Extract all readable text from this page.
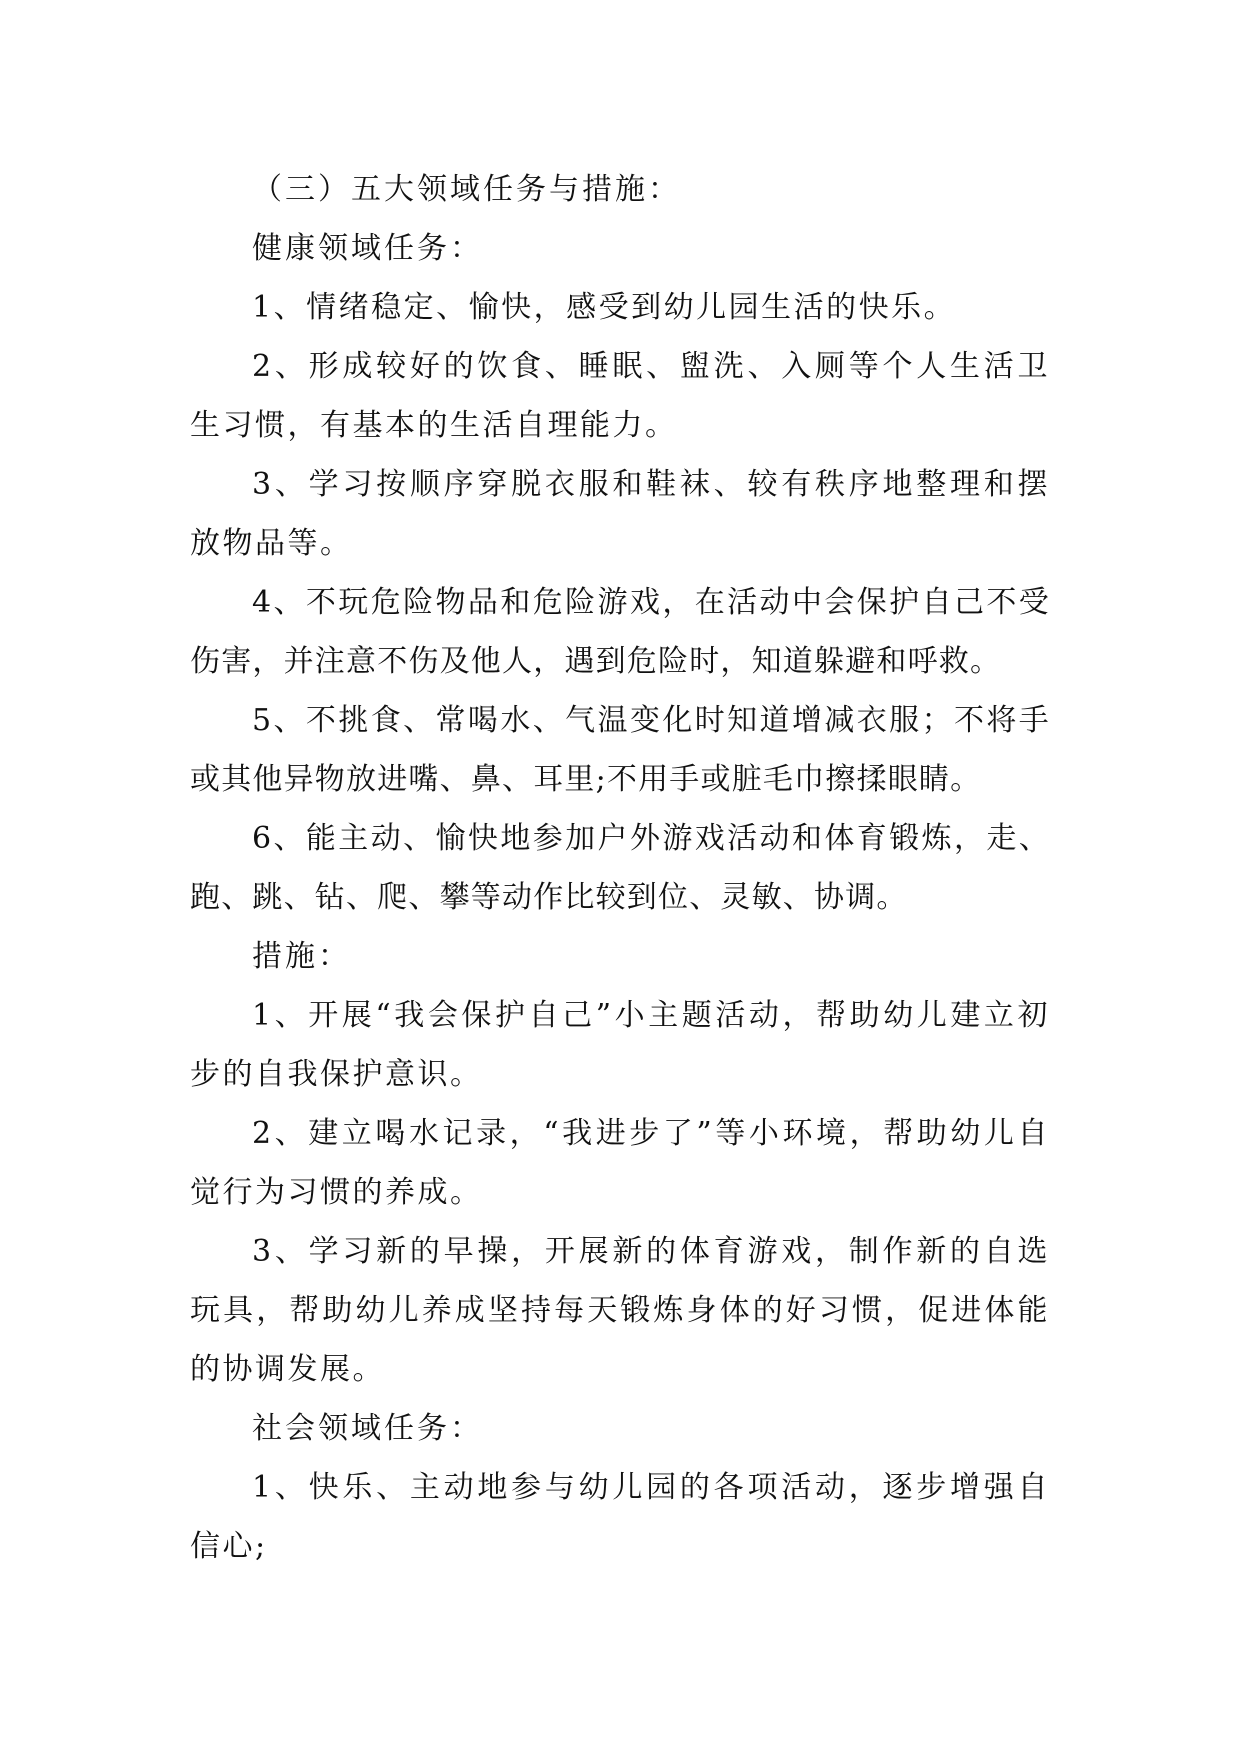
（三）五大领域任务与措施：

健康领域任务：

1、情绪稳定、愉快，感受到幼儿园生活的快乐。

2、形成较好的饮食、睡眠、盥洗、入厕等个人生活卫生习惯，有基本的生活自理能力。

3、学习按顺序穿脱衣服和鞋袜、较有秩序地整理和摆放物品等。

4、不玩危险物品和危险游戏，在活动中会保护自己不受伤害，并注意不伤及他人，遇到危险时，知道躲避和呼救。

5、不挑食、常喝水、气温变化时知道增减衣服；不将手或其他异物放进嘴、鼻、耳里;不用手或脏毛巾擦揉眼睛。

6、能主动、愉快地参加户外游戏活动和体育锻炼，走、跑、跳、钻、爬、攀等动作比较到位、灵敏、协调。

措施：

1、开展“我会保护自己”小主题活动，帮助幼儿建立初步的自我保护意识。

2、建立喝水记录，“我进步了”等小环境，帮助幼儿自觉行为习惯的养成。

3、学习新的早操，开展新的体育游戏，制作新的自选玩具，帮助幼儿养成坚持每天锻炼身体的好习惯，促进体能的协调发展。

社会领域任务：

1、快乐、主动地参与幼儿园的各项活动，逐步增强自信心;
